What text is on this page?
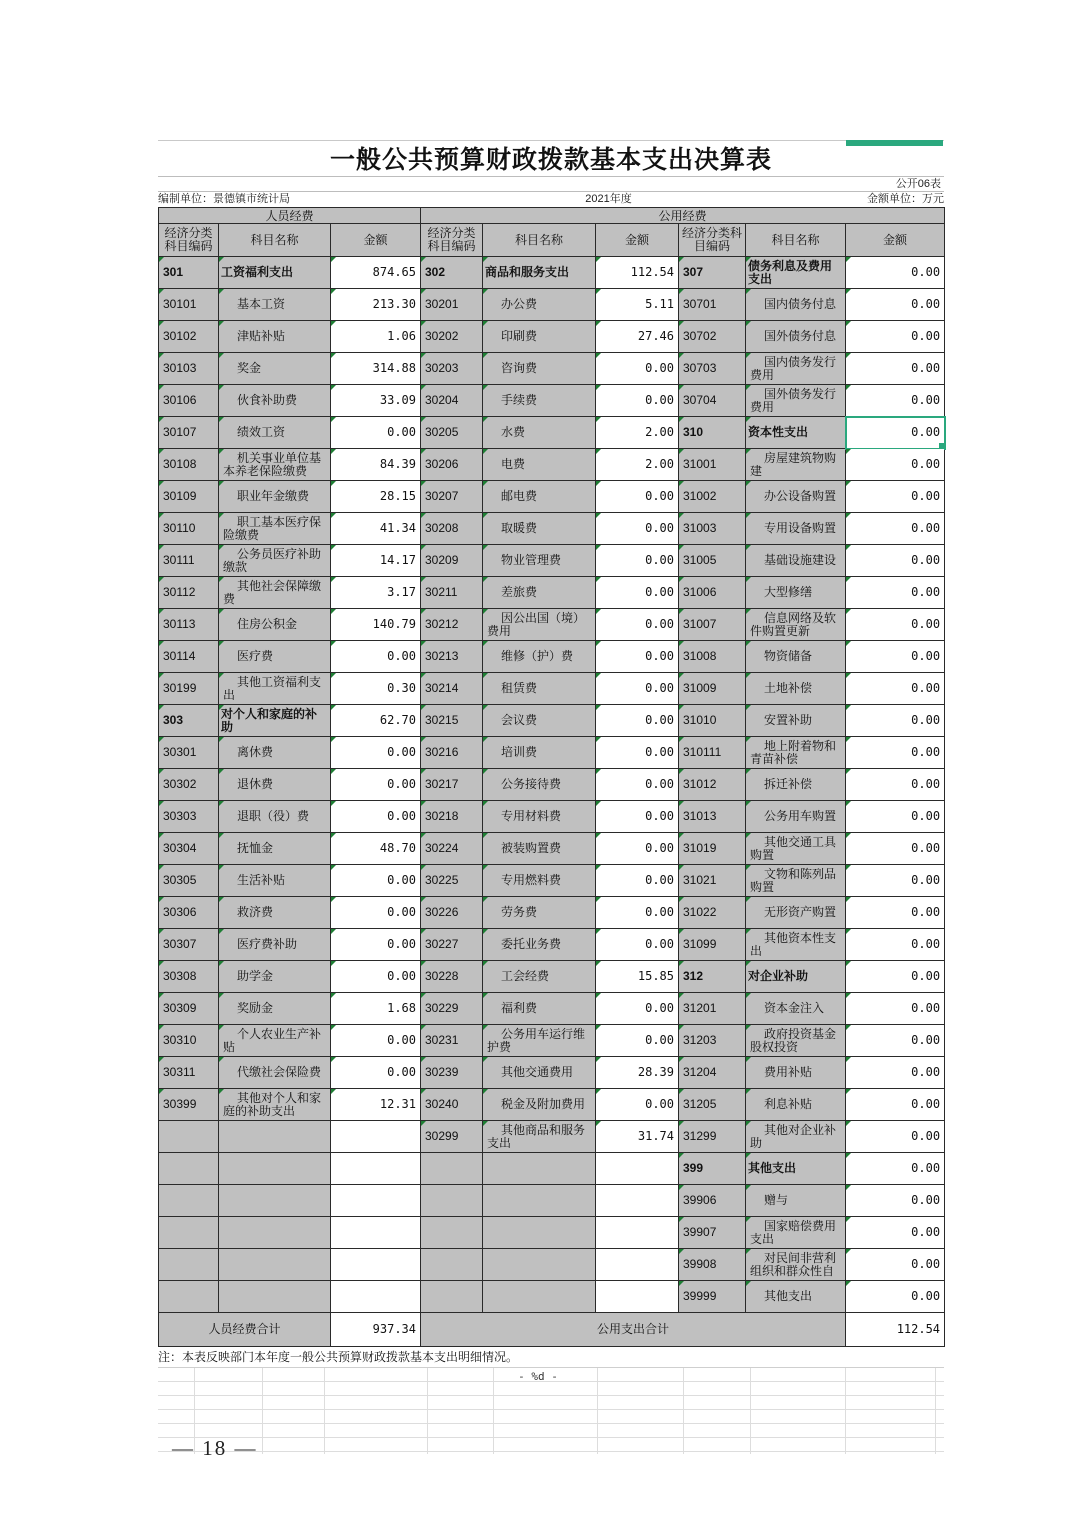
一般公共预算财政拨款基本支出决算表
公开06表
编制单位：景德镇市统计局	2021年度	金额单位：万元
人员经费			公用经费					
经济分类科目编码	科目名称	金额	经济分类科目编码	科目名称	金额	经济分类科目编码	科目名称	金额
301	工资福利支出	874.65	302	商品和服务支出	112.54	307	债务利息及费用支出	0.00
30101	基本工资	213.30	30201	办公费	5.11	30701	国内债务付息	0.00
30102	津贴补贴	1.06	30202	印刷费	27.46	30702	国外债务付息	0.00
30103	奖金	314.88	30203	咨询费	0.00	30703	国内债务发行费用	0.00
30106	伙食补助费	33.09	30204	手续费	0.00	30704	国外债务发行费用	0.00
30107	绩效工资	0.00	30205	水费	2.00	310	资本性支出	0.00
30108	机关事业单位基本养老保险缴费	84.39	30206	电费	2.00	31001	房屋建筑物购建	0.00
30109	职业年金缴费	28.15	30207	邮电费	0.00	31002	办公设备购置	0.00
30110	职工基本医疗保险缴费	41.34	30208	取暖费	0.00	31003	专用设备购置	0.00
30111	公务员医疗补助缴款	14.17	30209	物业管理费	0.00	31005	基础设施建设	0.00
30112	其他社会保障缴费	3.17	30211	差旅费	0.00	31006	大型修缮	0.00
30113	住房公积金	140.79	30212	因公出国（境）费用	0.00	31007	信息网络及软件购置更新	0.00
30114	医疗费	0.00	30213	维修（护）费	0.00	31008	物资储备	0.00
30199	其他工资福利支出	0.30	30214	租赁费	0.00	31009	土地补偿	0.00
303	对个人和家庭的补助	62.70	30215	会议费	0.00	31010	安置补助	0.00
30301	离休费	0.00	30216	培训费	0.00	310111	地上附着物和青苗补偿	0.00
30302	退休费	0.00	30217	公务接待费	0.00	31012	拆迁补偿	0.00
30303	退职（役）费	0.00	30218	专用材料费	0.00	31013	公务用车购置	0.00
30304	抚恤金	48.70	30224	被装购置费	0.00	31019	其他交通工具购置	0.00
30305	生活补贴	0.00	30225	专用燃料费	0.00	31021	文物和陈列品购置	0.00
30306	救济费	0.00	30226	劳务费	0.00	31022	无形资产购置	0.00
30307	医疗费补助	0.00	30227	委托业务费	0.00	31099	其他资本性支出	0.00
30308	助学金	0.00	30228	工会经费	15.85	312	对企业补助	0.00
30309	奖励金	1.68	30229	福利费	0.00	31201	资本金注入	0.00
30310	个人农业生产补贴	0.00	30231	公务用车运行维护费	0.00	31203	政府投资基金股权投资	0.00
30311	代缴社会保险费	0.00	30239	其他交通费用	28.39	31204	费用补贴	0.00
30399	其他对个人和家庭的补助支出	12.31	30240	税金及附加费用	0.00	31205	利息补贴	0.00
			30299	其他商品和服务支出	31.74	31299	其他对企业补助	0.00
						399	其他支出	0.00
						39906	赠与	0.00
						39907	国家赔偿费用支出	0.00
						39908	对民间非营利组织和群众性自	0.00
						39999	其他支出	0.00
人员经费合计		937.34	公用支出合计					112.54
注：本表反映部门本年度一般公共预算财政拨款基本支出明细情况。
- %d -
— 18 —
